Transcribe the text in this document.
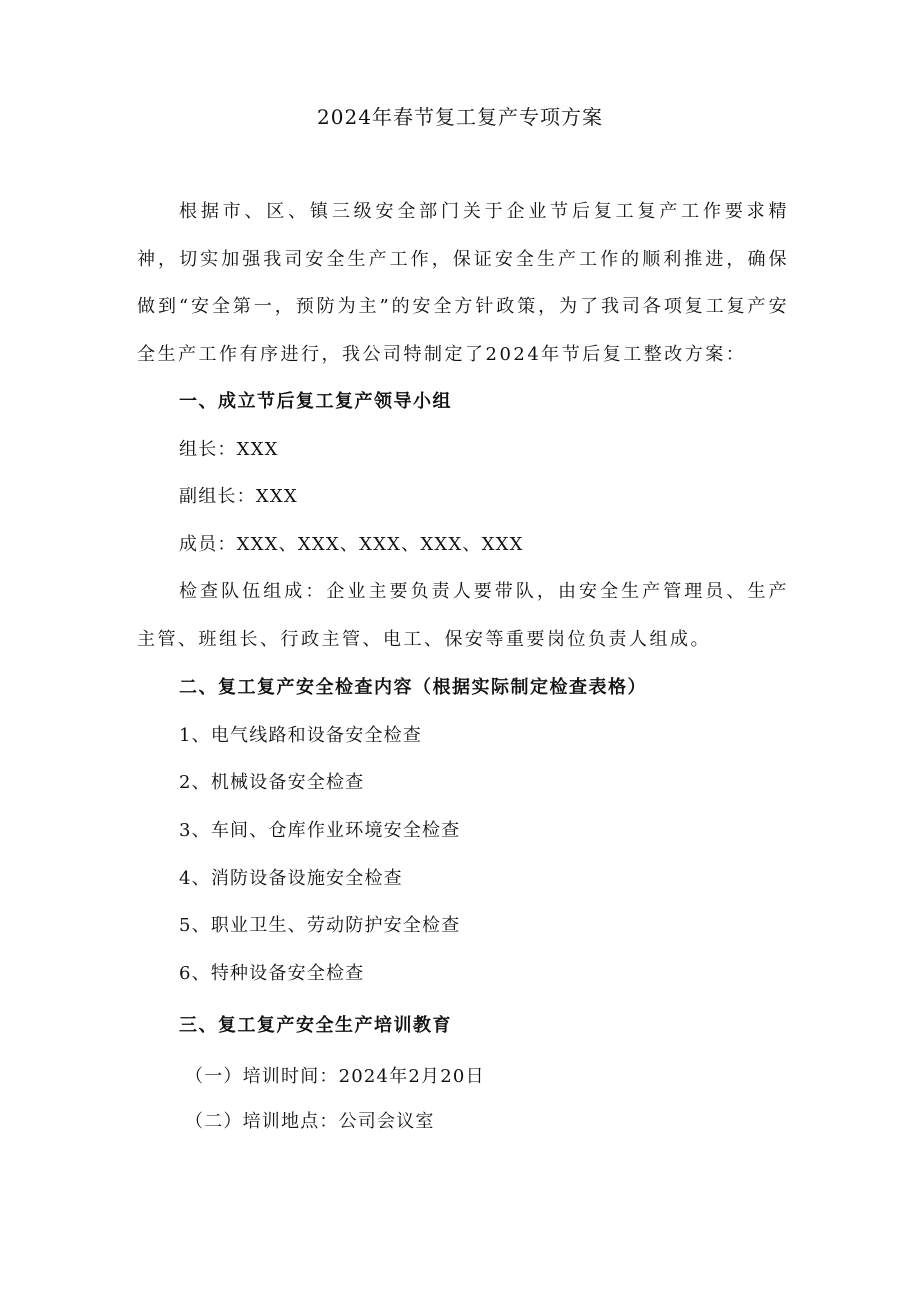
2024年春节复工复产专项方案

根据市、区、镇三级安全部门关于企业节后复工复产工作要求精神，切实加强我司安全生产工作，保证安全生产工作的顺利推进，确保做到“安全第一，预防为主”的安全方针政策，为了我司各项复工复产安全生产工作有序进行，我公司特制定了2024年节后复工整改方案：

一、成立节后复工复产领导小组

组长：XXX

副组长：XXX

成员：XXX、XXX、XXX、XXX、XXX

检查队伍组成：企业主要负责人要带队，由安全生产管理员、生产主管、班组长、行政主管、电工、保安等重要岗位负责人组成。

二、复工复产安全检查内容（根据实际制定检查表格）

1、电气线路和设备安全检查

2、机械设备安全检查

3、车间、仓库作业环境安全检查

4、消防设备设施安全检查

5、职业卫生、劳动防护安全检查

6、特种设备安全检查

三、复工复产安全生产培训教育

（一）培训时间：2024年2月20日

（二）培训地点：公司会议室
